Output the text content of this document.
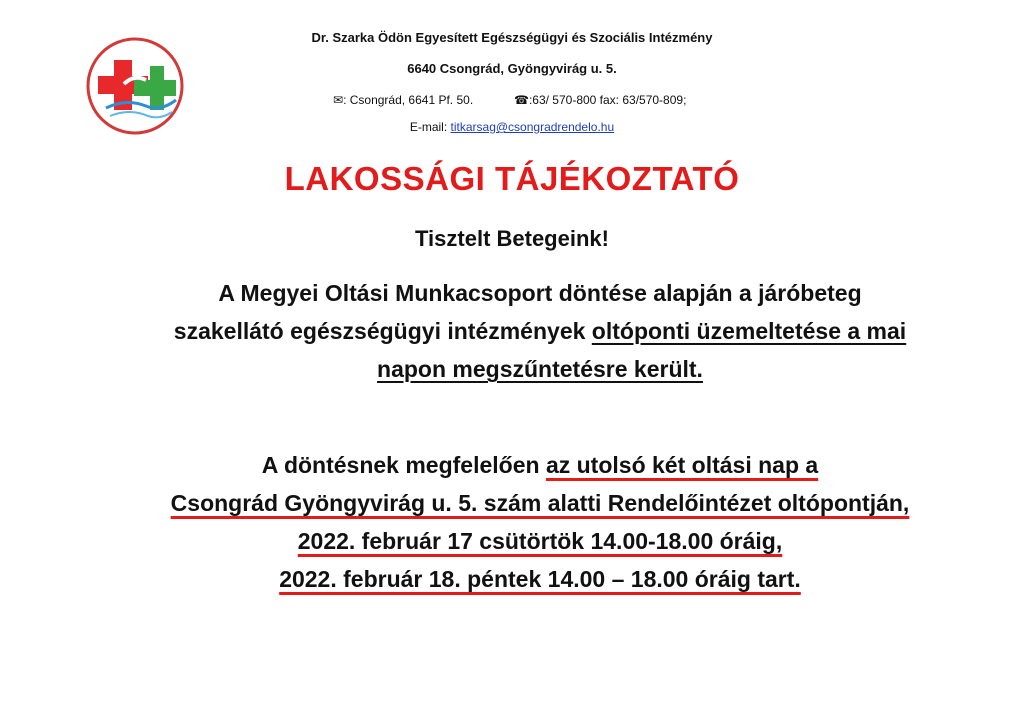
Dr. Szarka Ödön Egyesített Egészségügyi és Szociális Intézmény
6640 Csongrád, Gyöngyvirág u. 5.
✉: Csongrád, 6641 Pf. 50.	☎:63/ 570-800 fax: 63/570-809;
E-mail: titkarsag@csongradrendelo.hu
LAKOSSÁGI TÁJÉKOZTATÓ
Tisztelt Betegeink!
A Megyei Oltási Munkacsoport döntése alapján a járóbeteg
szakellátó egészségügyi intézmények oltóponti üzemeltetése a mai
napon megszűntetésre került.
A döntésnek megfelelően az utolsó két oltási nap a
Csongrád Gyöngyvirág u. 5. szám alatti Rendelőintézet oltópontján,
2022. február 17 csütörtök 14.00-18.00 óráig,
2022. február 18. péntek 14.00 – 18.00 óráig tart.
